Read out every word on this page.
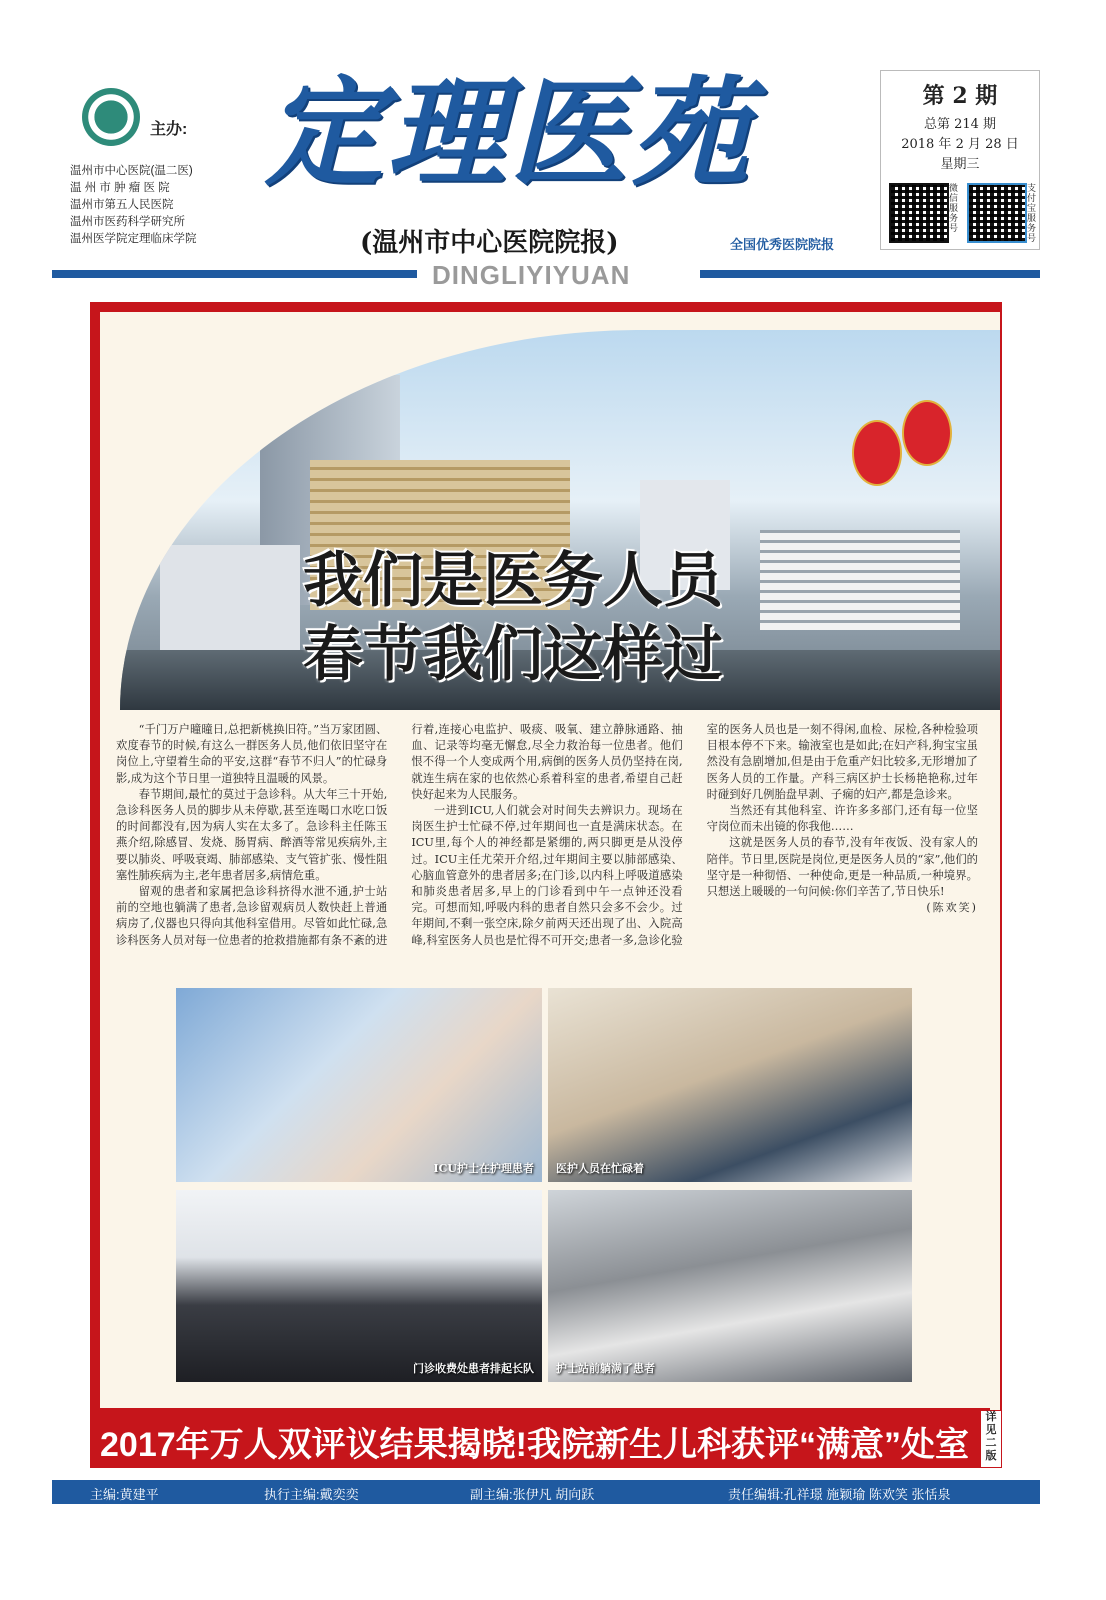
主办:
温州市中心医院(温二医)
温 州 市 肿 瘤 医 院
温州市第五人民医院
温州市医药科学研究所
温州医学院定理临床学院
定理医苑
(温州市中心医院院报)	全国优秀医院院报
DINGLIYIYUAN
第 2 期
总第 214 期
2018 年 2 月 28 日
星期三
微信服务号
支付宝服务号
我们是医务人员
春节我们这样过

“千门万户曈曈日,总把新桃换旧符。”当万家团圆、欢度春节的时候,有这么一群医务人员,他们依旧坚守在岗位上,守望着生命的平安,这群“春节不归人”的忙碌身影,成为这个节日里一道独特且温暖的风景。

春节期间,最忙的莫过于急诊科。从大年三十开始,急诊科医务人员的脚步从未停歇,甚至连喝口水吃口饭的时间都没有,因为病人实在太多了。急诊科主任陈玉燕介绍,除感冒、发烧、肠胃病、醉酒等常见疾病外,主要以肺炎、呼吸衰竭、肺部感染、支气管扩张、慢性阻塞性肺疾病为主,老年患者居多,病情危重。

留观的患者和家属把急诊科挤得水泄不通,护士站前的空地也躺满了患者,急诊留观病员人数快赶上普通病房了,仪器也只得向其他科室借用。尽管如此忙碌,急诊科医务人员对每一位患者的抢救措施都有条不紊的进行着,连接心电监护、吸痰、吸氧、建立静脉通路、抽血、记录等均毫无懈怠,尽全力救治每一位患者。他们恨不得一个人变成两个用,病倒的医务人员仍坚持在岗,就连生病在家的也依然心系着科室的患者,希望自己赶快好起来为人民服务。

一进到ICU,人们就会对时间失去辨识力。现场在岗医生护士忙碌不停,过年期间也一直是满床状态。在ICU里,每个人的神经都是紧绷的,两只脚更是从没停过。ICU主任尤荣开介绍,过年期间主要以肺部感染、心脑血管意外的患者居多;在门诊,以内科上呼吸道感染和肺炎患者居多,早上的门诊看到中午一点钟还没看完。可想而知,呼吸内科的患者自然只会多不会少。过年期间,不剩一张空床,除夕前两天还出现了出、入院高峰,科室医务人员也是忙得不可开交;患者一多,急诊化验室的医务人员也是一刻不得闲,血检、尿检,各种检验项目根本停不下来。输液室也是如此;在妇产科,狗宝宝虽然没有急剧增加,但是由于危重产妇比较多,无形增加了医务人员的工作量。产科三病区护士长杨艳艳称,过年时碰到好几例胎盘早剥、子痫的妇产,都是急诊来。

当然还有其他科室、许许多多部门,还有每一位坚守岗位而未出镜的你我他……

这就是医务人员的春节,没有年夜饭、没有家人的陪伴。节日里,医院是岗位,更是医务人员的“家”,他们的坚守是一种彻悟、一种使命,更是一种品质,一种境界。只想送上暖暖的一句问候:你们辛苦了,节日快乐!
(陈欢笑)

ICU护士在护理患者 医护人员在忙碌着
门诊收费处患者排起长队 护士站前躺满了患者
2017年万人双评议结果揭晓!我院新生儿科获评“满意”处室
详见二版
主编:黄建平	执行主编:戴奕奕	副主编:张伊凡 胡向跃	责任编辑:孔祥璟 施颖瑜 陈欢笑 张恬泉
